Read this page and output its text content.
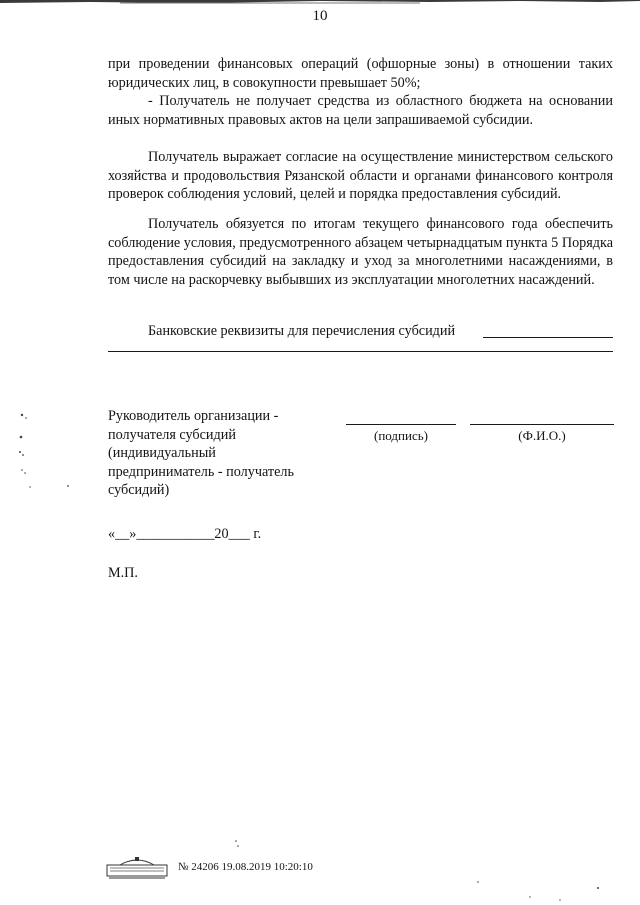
10

при проведении финансовых операций (офшорные зоны) в отношении таких

юридических лиц, в совокупности превышает 50%;

- Получатель не получает средства из областного бюджета на основании иных нормативных правовых актов на цели запрашиваемой субсидии.

Получатель выражает согласие на осуществление министерством сельского хозяйства и продовольствия Рязанской области и органами финансового контроля проверок соблюдения условий, целей и порядка предоставления субсидий.

Получатель обязуется по итогам текущего финансового года обеспечить соблюдение условия, предусмотренного абзацем четырнадцатым пункта 5 Порядка предоставления субсидий на закладку и уход за многолетними насаждениями, в том числе на раскорчевку выбывших из эксплуатации многолетних насаждений.

Банковские реквизиты для перечисления субсидий

Руководитель организации -
получателя субсидий
(индивидуальный
предприниматель - получатель
субсидий)
(подпись)	(Ф.И.О.)
«__»___________20___ г.
М.П.
№ 24206 19.08.2019 10:20:10
